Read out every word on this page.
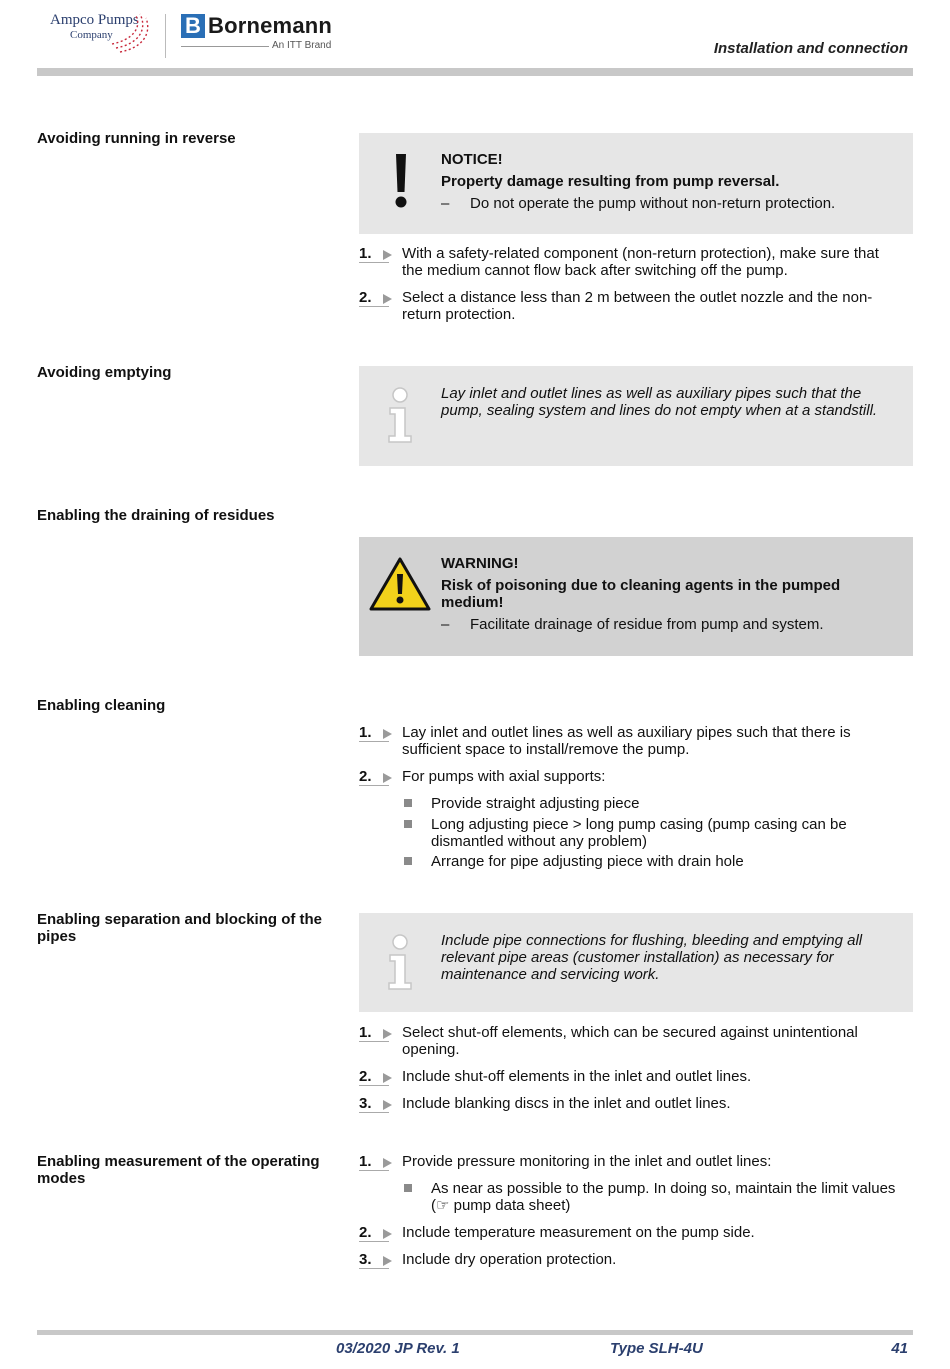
Ampco Pumps
Company	B Bornemann
An ITT Brand	Installation and connection
Avoiding running in reverse
NOTICE!
Property damage resulting from pump reversal.
– Do not operate the pump without non-return protection.
1.	With a safety-related component (non-return protection), make sure that the medium cannot flow back after switching off the pump.
2.	Select a distance less than 2 m between the outlet nozzle and the non-return protection.
Avoiding emptying
Lay inlet and outlet lines as well as auxiliary pipes such that the pump, sealing system and lines do not empty when at a standstill.
Enabling the draining of residues
WARNING!
Risk of poisoning due to cleaning agents in the pumped medium!
– Facilitate drainage of residue from pump and system.
Enabling cleaning
1.	Lay inlet and outlet lines as well as auxiliary pipes such that there is sufficient space to install/remove the pump.
2.	For pumps with axial supports:
Provide straight adjusting piece
Long adjusting piece > long pump casing (pump casing can be dismantled without any problem)
Arrange for pipe adjusting piece with drain hole
Enabling separation and blocking of the pipes	Include pipe connections for flushing, bleeding and emptying all relevant pipe areas (customer installation) as necessary for maintenance and servicing work.
1.	Select shut-off elements, which can be secured against unintentional opening.
2.	Include shut-off elements in the inlet and outlet lines.
3.	Include blanking discs in the inlet and outlet lines.
Enabling measurement of the operating modes
1.	Provide pressure monitoring in the inlet and outlet lines:
As near as possible to the pump. In doing so, maintain the limit values (☞ pump data sheet)
2.	Include temperature measurement on the pump side.
3.	Include dry operation protection.
03/2020 JP Rev. 1	Type SLH-4U	41
